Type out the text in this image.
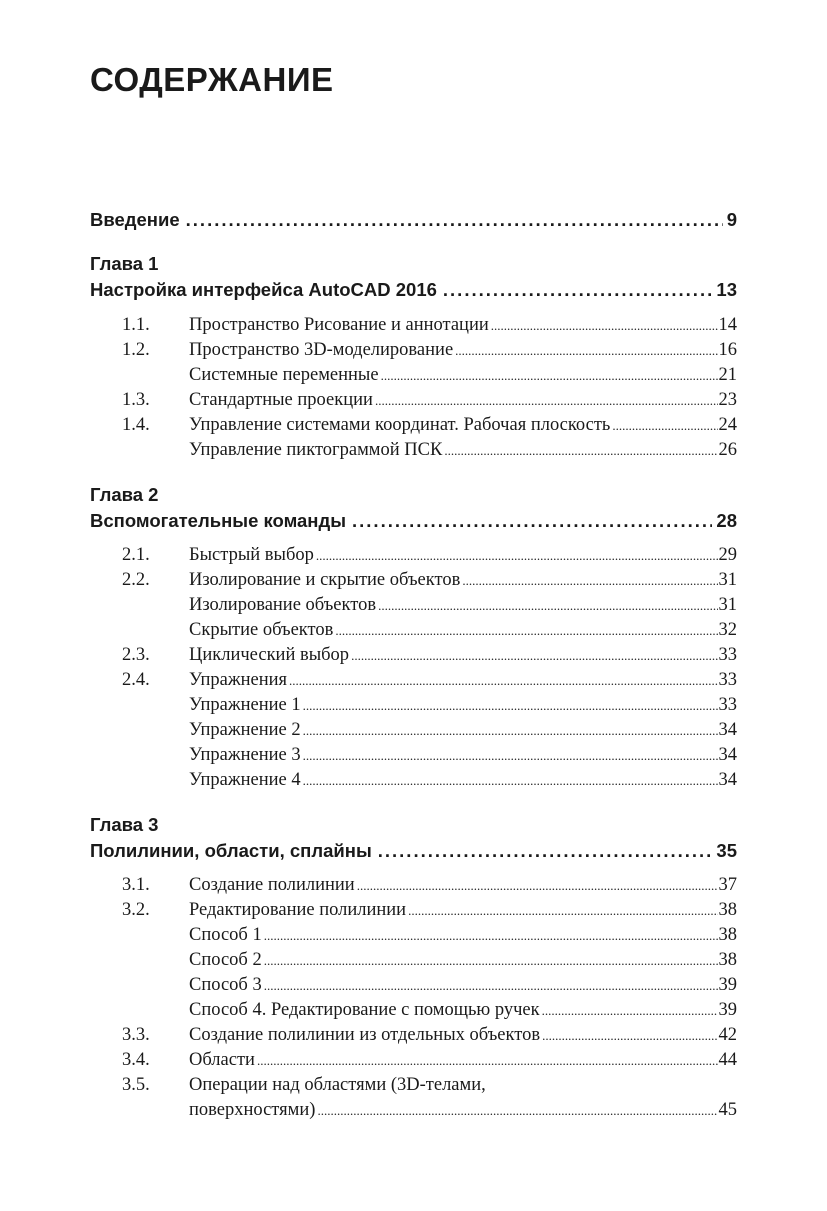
СОДЕРЖАНИЕ
Введение .....	9
Глава 1
Настройка интерфейса AutoCAD 2016 .....	13
1.1.	Пространство Рисование и аннотации .....	14
1.2.	Пространство 3D-моделирование .....	16
Системные переменные .....	21
1.3.	Стандартные проекции .....	23
1.4.	Управление системами координат. Рабочая плоскость .....	24
Управление пиктограммой ПСК .....	26
Глава 2
Вспомогательные команды .....	28
2.1.	Быстрый выбор .....	29
2.2.	Изолирование и скрытие объектов .....	31
Изолирование объектов .....	31
Скрытие объектов .....	32
2.3.	Циклический выбор .....	33
2.4.	Упражнения .....	33
Упражнение 1 .....	33
Упражнение 2 .....	34
Упражнение 3 .....	34
Упражнение 4 .....	34
Глава 3
Полилинии, области, сплайны .....	35
3.1.	Создание полилинии .....	37
3.2.	Редактирование полилинии .....	38
Способ 1 .....	38
Способ 2 .....	38
Способ 3 .....	39
Способ 4. Редактирование с помощью ручек .....	39
3.3.	Создание полилинии из отдельных объектов .....	42
3.4.	Области .....	44
3.5.	Операции над областями (3D-телами,
поверхностями) .....	45
